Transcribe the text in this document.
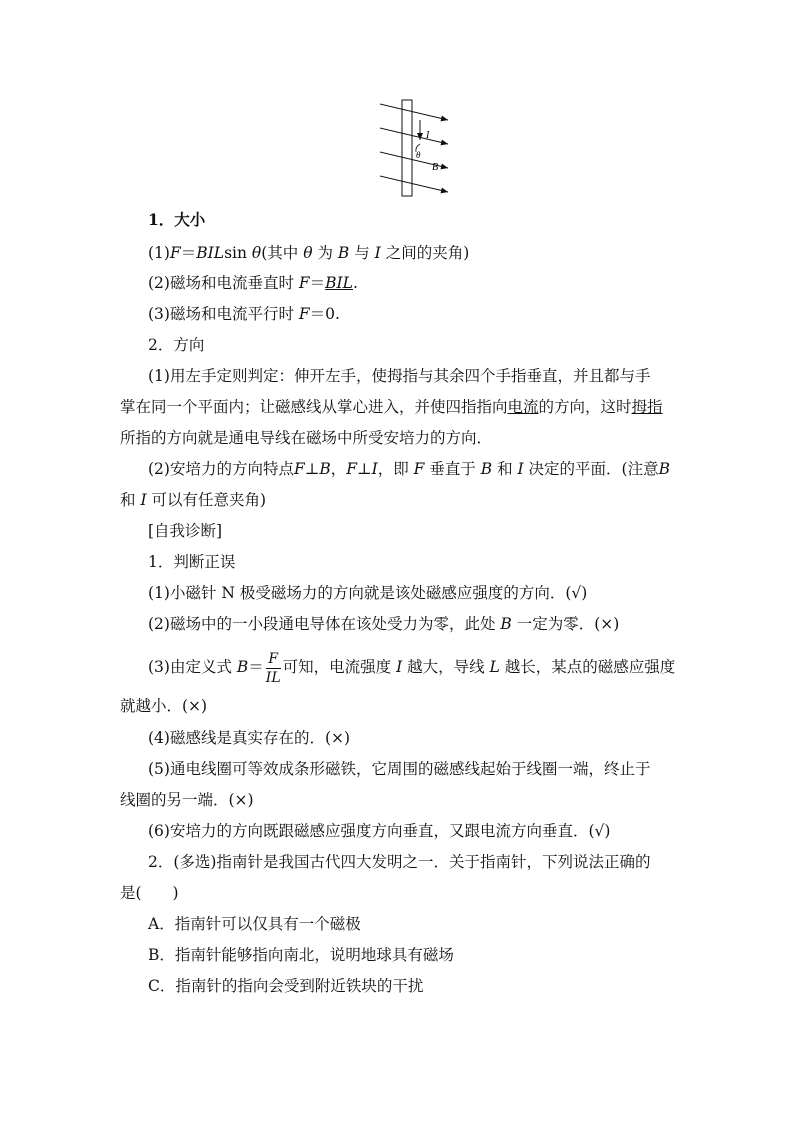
I
θ
B
1．大小
(1)F＝BILsin θ(其中 θ 为 B 与 I 之间的夹角)
(2)磁场和电流垂直时 F＝BIL.
(3)磁场和电流平行时 F＝0.
2．方向
(1)用左手定则判定：伸开左手，使拇指与其余四个手指垂直，并且都与手
掌在同一个平面内；让磁感线从掌心进入，并使四指指向电流的方向，这时拇指
所指的方向就是通电导线在磁场中所受安培力的方向．
(2)安培力的方向特点F⊥B，F⊥I，即 F 垂直于 B 和 I 决定的平面．(注意B
和 I 可以有任意夹角)
[自我诊断]
1．判断正误
(1)小磁针 N 极受磁场力的方向就是该处磁感应强度的方向．(√)
(2)磁场中的一小段通电导体在该处受力为零，此处 B 一定为零．(×)
(3)由定义式 $B= \frac{F}{IL}$ 可知，电流强度 I 越大，导线 L 越长，某点的磁感应强度
就越小．(×)
(4)磁感线是真实存在的．(×)
(5)通电线圈可等效成条形磁铁，它周围的磁感线起始于线圈一端，终止于
线圈的另一端．(×)
(6)安培力的方向既跟磁感应强度方向垂直，又跟电流方向垂直．(√)
2．(多选)指南针是我国古代四大发明之一．关于指南针，下列说法正确的
是(　　)
A．指南针可以仅具有一个磁极
B．指南针能够指向南北，说明地球具有磁场
C．指南针的指向会受到附近铁块的干扰
